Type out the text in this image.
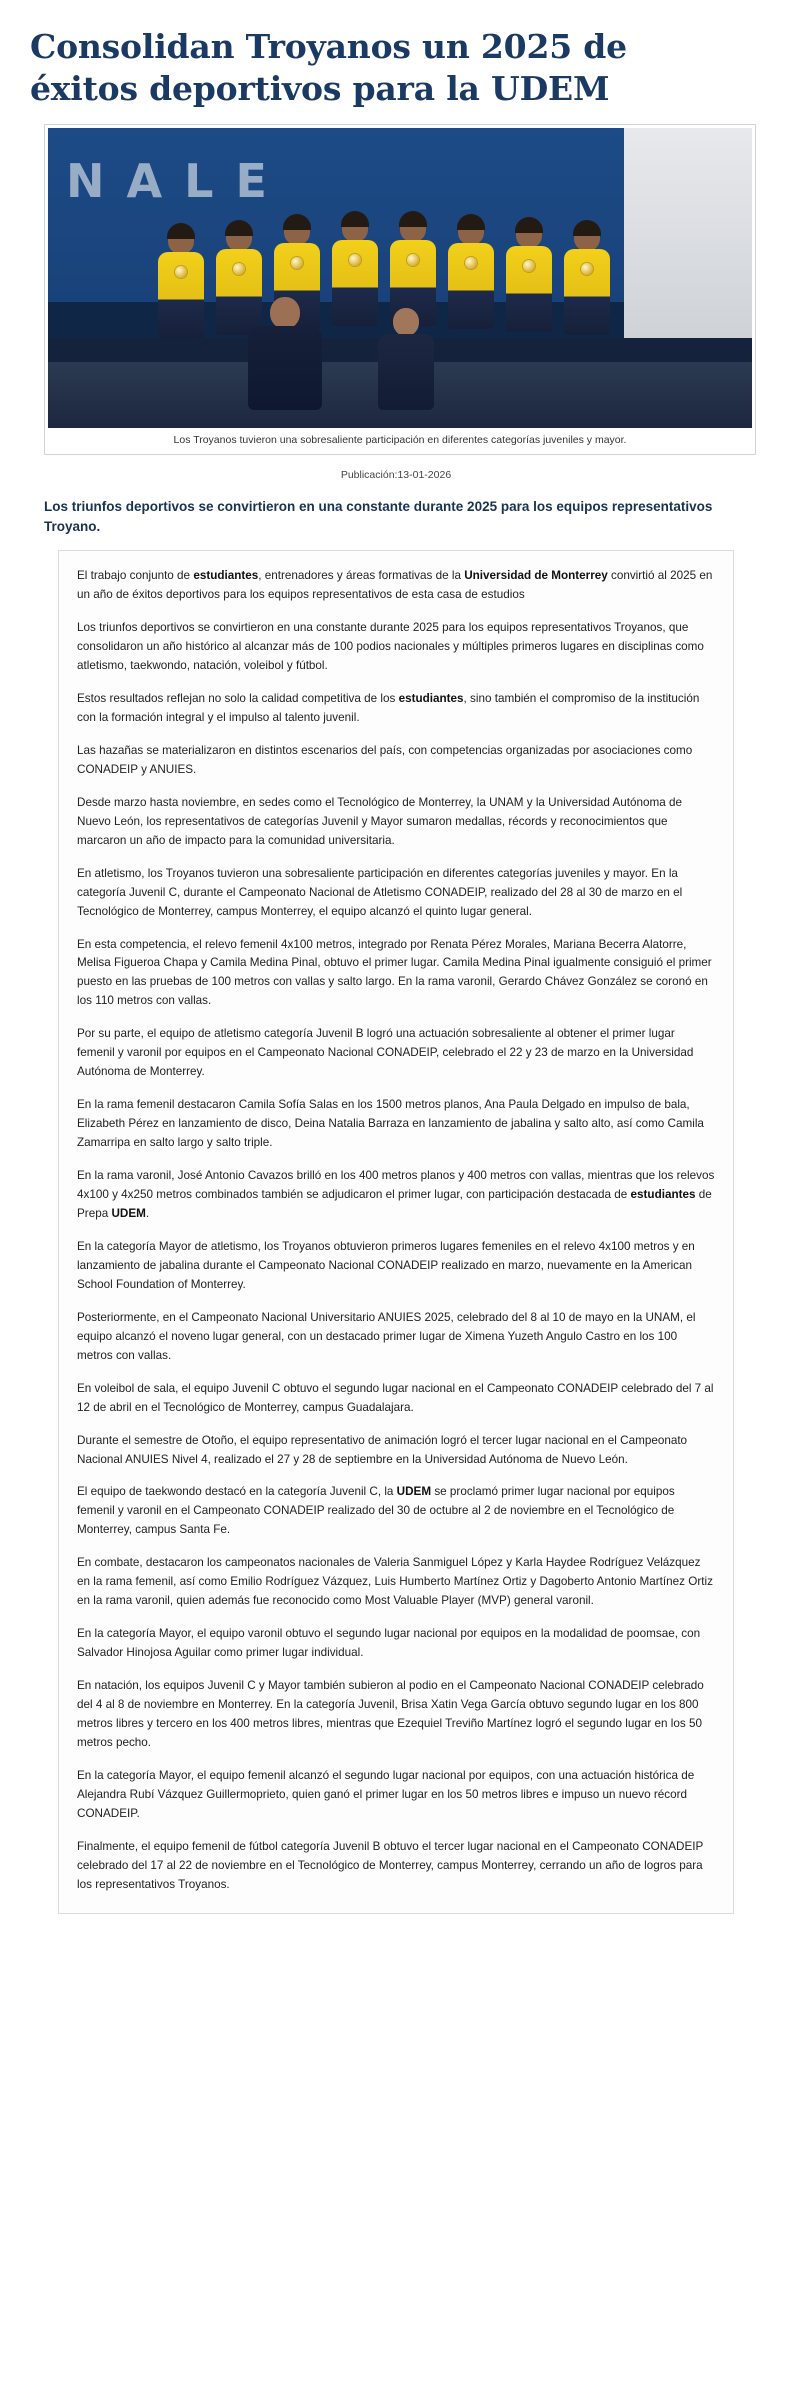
Consolidan Troyanos un 2025 de éxitos deportivos para la UDEM
N A L E
Los Troyanos tuvieron una sobresaliente participación en diferentes categorías juveniles y mayor.
Publicación:13-01-2026
Los triunfos deportivos se convirtieron en una constante durante 2025 para los equipos representativos Troyano.

El trabajo conjunto de estudiantes, entrenadores y áreas formativas de la Universidad de Monterrey convirtió al 2025 en un año de éxitos deportivos para los equipos representativos de esta casa de estudios

Los triunfos deportivos se convirtieron en una constante durante 2025 para los equipos representativos Troyanos, que consolidaron un año histórico al alcanzar más de 100 podios nacionales y múltiples primeros lugares en disciplinas como atletismo, taekwondo, natación, voleibol y fútbol.

Estos resultados reflejan no solo la calidad competitiva de los estudiantes, sino también el compromiso de la institución con la formación integral y el impulso al talento juvenil.

Las hazañas se materializaron en distintos escenarios del país, con competencias organizadas por asociaciones como CONADEIP y ANUIES.

Desde marzo hasta noviembre, en sedes como el Tecnológico de Monterrey, la UNAM y la Universidad Autónoma de Nuevo León, los representativos de categorías Juvenil y Mayor sumaron medallas, récords y reconocimientos que marcaron un año de impacto para la comunidad universitaria.

En atletismo, los Troyanos tuvieron una sobresaliente participación en diferentes categorías juveniles y mayor. En la categoría Juvenil C, durante el Campeonato Nacional de Atletismo CONADEIP, realizado del 28 al 30 de marzo en el Tecnológico de Monterrey, campus Monterrey, el equipo alcanzó el quinto lugar general.

En esta competencia, el relevo femenil 4x100 metros, integrado por Renata Pérez Morales, Mariana Becerra Alatorre, Melisa Figueroa Chapa y Camila Medina Pinal, obtuvo el primer lugar. Camila Medina Pinal igualmente consiguió el primer puesto en las pruebas de 100 metros con vallas y salto largo. En la rama varonil, Gerardo Chávez González se coronó en los 110 metros con vallas.

Por su parte, el equipo de atletismo categoría Juvenil B logró una actuación sobresaliente al obtener el primer lugar femenil y varonil por equipos en el Campeonato Nacional CONADEIP, celebrado el 22 y 23 de marzo en la Universidad Autónoma de Monterrey.

En la rama femenil destacaron Camila Sofía Salas en los 1500 metros planos, Ana Paula Delgado en impulso de bala, Elizabeth Pérez en lanzamiento de disco, Deina Natalia Barraza en lanzamiento de jabalina y salto alto, así como Camila Zamarripa en salto largo y salto triple.

En la rama varonil, José Antonio Cavazos brilló en los 400 metros planos y 400 metros con vallas, mientras que los relevos 4x100 y 4x250 metros combinados también se adjudicaron el primer lugar, con participación destacada de estudiantes de Prepa UDEM.

En la categoría Mayor de atletismo, los Troyanos obtuvieron primeros lugares femeniles en el relevo 4x100 metros y en lanzamiento de jabalina durante el Campeonato Nacional CONADEIP realizado en marzo, nuevamente en la American School Foundation of Monterrey.

Posteriormente, en el Campeonato Nacional Universitario ANUIES 2025, celebrado del 8 al 10 de mayo en la UNAM, el equipo alcanzó el noveno lugar general, con un destacado primer lugar de Ximena Yuzeth Angulo Castro en los 100 metros con vallas.

En voleibol de sala, el equipo Juvenil C obtuvo el segundo lugar nacional en el Campeonato CONADEIP celebrado del 7 al 12 de abril en el Tecnológico de Monterrey, campus Guadalajara.

Durante el semestre de Otoño, el equipo representativo de animación logró el tercer lugar nacional en el Campeonato Nacional ANUIES Nivel 4, realizado el 27 y 28 de septiembre en la Universidad Autónoma de Nuevo León.

El equipo de taekwondo destacó en la categoría Juvenil C, la UDEM se proclamó primer lugar nacional por equipos femenil y varonil en el Campeonato CONADEIP realizado del 30 de octubre al 2 de noviembre en el Tecnológico de Monterrey, campus Santa Fe.

En combate, destacaron los campeonatos nacionales de Valeria Sanmiguel López y Karla Haydee Rodríguez Velázquez en la rama femenil, así como Emilio Rodríguez Vázquez, Luis Humberto Martínez Ortiz y Dagoberto Antonio Martínez Ortiz en la rama varonil, quien además fue reconocido como Most Valuable Player (MVP) general varonil.

En la categoría Mayor, el equipo varonil obtuvo el segundo lugar nacional por equipos en la modalidad de poomsae, con Salvador Hinojosa Aguilar como primer lugar individual.

En natación, los equipos Juvenil C y Mayor también subieron al podio en el Campeonato Nacional CONADEIP celebrado del 4 al 8 de noviembre en Monterrey. En la categoría Juvenil, Brisa Xatin Vega García obtuvo segundo lugar en los 800 metros libres y tercero en los 400 metros libres, mientras que Ezequiel Treviño Martínez logró el segundo lugar en los 50 metros pecho.

En la categoría Mayor, el equipo femenil alcanzó el segundo lugar nacional por equipos, con una actuación histórica de Alejandra Rubí Vázquez Guillermoprieto, quien ganó el primer lugar en los 50 metros libres e impuso un nuevo récord CONADEIP.

Finalmente, el equipo femenil de fútbol categoría Juvenil B obtuvo el tercer lugar nacional en el Campeonato CONADEIP celebrado del 17 al 22 de noviembre en el Tecnológico de Monterrey, campus Monterrey, cerrando un año de logros para los representativos Troyanos.
